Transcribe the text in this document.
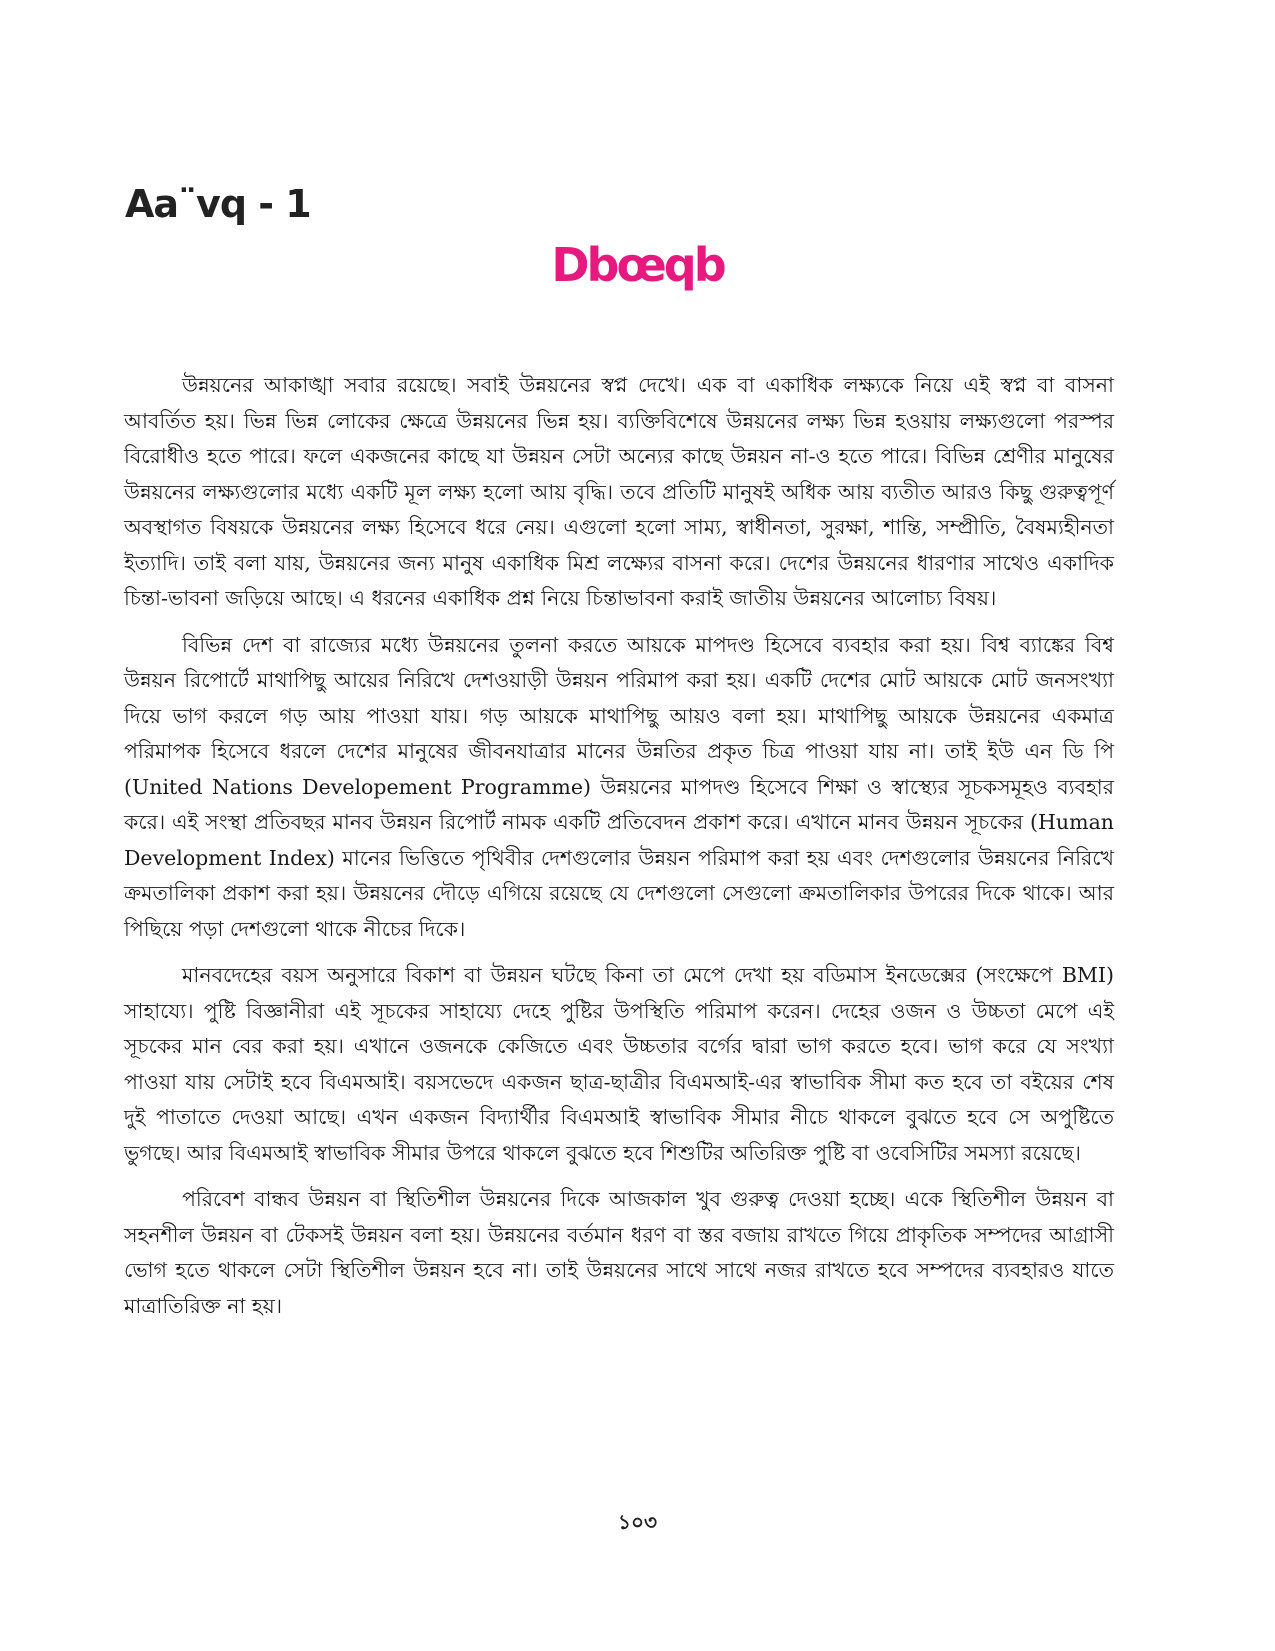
Aa¨vq - 1
Dbœqb

উন্নয়নের আকাঙ্খা সবার রয়েছে। সবাই উন্নয়নের স্বপ্ন দেখে। এক বা একাধিক লক্ষ্যকে নিয়ে এই স্বপ্ন বা বাসনা আবর্তিত হয়। ভিন্ন ভিন্ন লোকের ক্ষেত্রে উন্নয়নের ভিন্ন হয়। ব্যক্তিবিশেষে উন্নয়নের লক্ষ্য ভিন্ন হওয়ায় লক্ষ্যগুলো পরস্পর বিরোধীও হতে পারে। ফলে একজনের কাছে যা উন্নয়ন সেটা অন্যের কাছে উন্নয়ন না-ও হতে পারে। বিভিন্ন শ্রেণীর মানুষের উন্নয়নের লক্ষ্যগুলোর মধ্যে একটি মূল লক্ষ্য হলো আয় বৃদ্ধি। তবে প্রতিটি মানুষই অধিক আয় ব্যতীত আরও কিছু গুরুত্বপূর্ণ অবস্থাগত বিষয়কে উন্নয়নের লক্ষ্য হিসেবে ধরে নেয়। এগুলো হলো সাম্য, স্বাধীনতা, সুরক্ষা, শান্তি, সম্প্রীতি, বৈষম্যহীনতা ইত্যাদি। তাই বলা যায়, উন্নয়নের জন্য মানুষ একাধিক মিশ্র লক্ষ্যের বাসনা করে। দেশের উন্নয়নের ধারণার সাথেও একাদিক চিন্তা-ভাবনা জড়িয়ে আছে। এ ধরনের একাধিক প্রশ্ন নিয়ে চিন্তাভাবনা করাই জাতীয় উন্নয়নের আলোচ্য বিষয়।

বিভিন্ন দেশ বা রাজ্যের মধ্যে উন্নয়নের তুলনা করতে আয়কে মাপদণ্ড হিসেবে ব্যবহার করা হয়। বিশ্ব ব্যাঙ্কের বিশ্ব উন্নয়ন রিপোর্টে মাথাপিছু আয়ের নিরিখে দেশওয়াড়ী উন্নয়ন পরিমাপ করা হয়। একটি দেশের মোট আয়কে মোট জনসংখ্যা দিয়ে ভাগ করলে গড় আয় পাওয়া যায়। গড় আয়কে মাথাপিছু আয়ও বলা হয়। মাথাপিছু আয়কে উন্নয়নের একমাত্র পরিমাপক হিসেবে ধরলে দেশের মানুষের জীবনযাত্রার মানের উন্নতির প্রকৃত চিত্র পাওয়া যায় না। তাই ইউ এন ডি পি (United Nations Developement Programme) উন্নয়নের মাপদণ্ড হিসেবে শিক্ষা ও স্বাস্থ্যের সূচকসমূহও ব্যবহার করে। এই সংস্থা প্রতিবছর মানব উন্নয়ন রিপোর্ট নামক একটি প্রতিবেদন প্রকাশ করে। এখানে মানব উন্নয়ন সূচকের (Human Development Index) মানের ভিত্তিতে পৃথিবীর দেশগুলোর উন্নয়ন পরিমাপ করা হয় এবং দেশগুলোর উন্নয়নের নিরিখে ক্রমতালিকা প্রকাশ করা হয়। উন্নয়নের দৌড়ে এগিয়ে রয়েছে যে দেশগুলো সেগুলো ক্রমতালিকার উপরের দিকে থাকে। আর পিছিয়ে পড়া দেশগুলো থাকে নীচের দিকে।

মানবদেহের বয়স অনুসারে বিকাশ বা উন্নয়ন ঘটছে কিনা তা মেপে দেখা হয় বডিমাস ইনডেক্সের (সংক্ষেপে BMI) সাহায্যে। পুষ্টি বিজ্ঞানীরা এই সূচকের সাহায্যে দেহে পুষ্টির উপস্থিতি পরিমাপ করেন। দেহের ওজন ও উচ্চতা মেপে এই সূচকের মান বের করা হয়। এখানে ওজনকে কেজিতে এবং উচ্চতার বর্গের দ্বারা ভাগ করতে হবে। ভাগ করে যে সংখ্যা পাওয়া যায় সেটাই হবে বিএমআই। বয়সভেদে একজন ছাত্র-ছাত্রীর বিএমআই-এর স্বাভাবিক সীমা কত হবে তা বইয়ের শেষ দুই পাতাতে দেওয়া আছে। এখন একজন বিদ্যার্থীর বিএমআই স্বাভাবিক সীমার নীচে থাকলে বুঝতে হবে সে অপুষ্টিতে ভুগছে। আর বিএমআই স্বাভাবিক সীমার উপরে থাকলে বুঝতে হবে শিশুটির অতিরিক্ত পুষ্টি বা ওবেসিটির সমস্যা রয়েছে।

পরিবেশ বান্ধব উন্নয়ন বা স্থিতিশীল উন্নয়নের দিকে আজকাল খুব গুরুত্ব দেওয়া হচ্ছে। একে স্থিতিশীল উন্নয়ন বা সহনশীল উন্নয়ন বা টেকসই উন্নয়ন বলা হয়। উন্নয়নের বর্তমান ধরণ বা স্তর বজায় রাখতে গিয়ে প্রাকৃতিক সম্পদের আগ্রাসী ভোগ হতে থাকলে সেটা স্থিতিশীল উন্নয়ন হবে না। তাই উন্নয়নের সাথে সাথে নজর রাখতে হবে সম্পদের ব্যবহারও যাতে মাত্রাতিরিক্ত না হয়।

১০৩
